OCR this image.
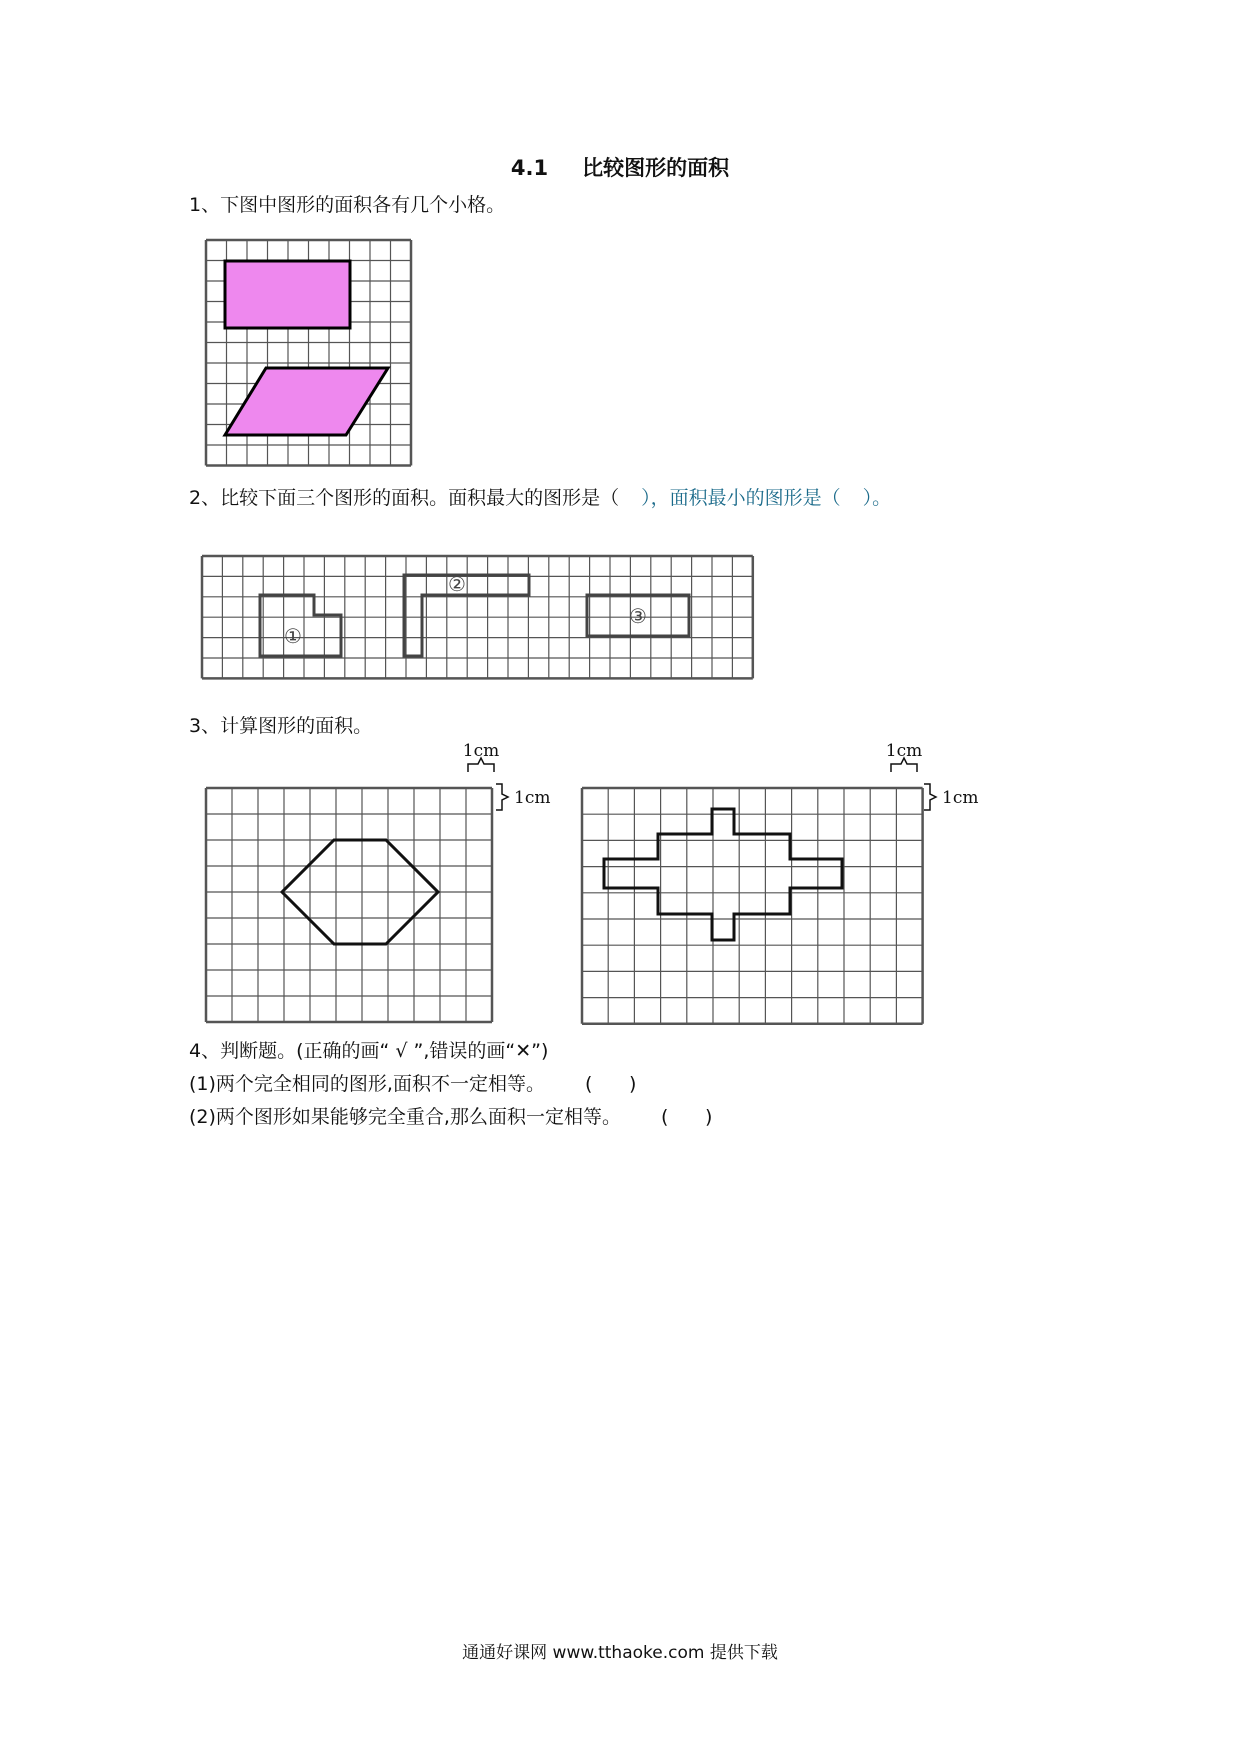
4.1 比较图形的面积
1、下图中图形的面积各有几个小格。
2、比较下面三个图形的面积。面积最大的图形是（ ），面积最小的图形是（ ）。
①
②
③
3、计算图形的面积。
1cm
1cm
1cm
1cm
4、判断题。(正确的画“ √ ”,错误的画“✕”)
(1)两个完全相同的图形,面积不一定相等。 ( )
(2)两个图形如果能够完全重合,那么面积一定相等。 ( )
通通好课网 www.tthaoke.com 提供下载
